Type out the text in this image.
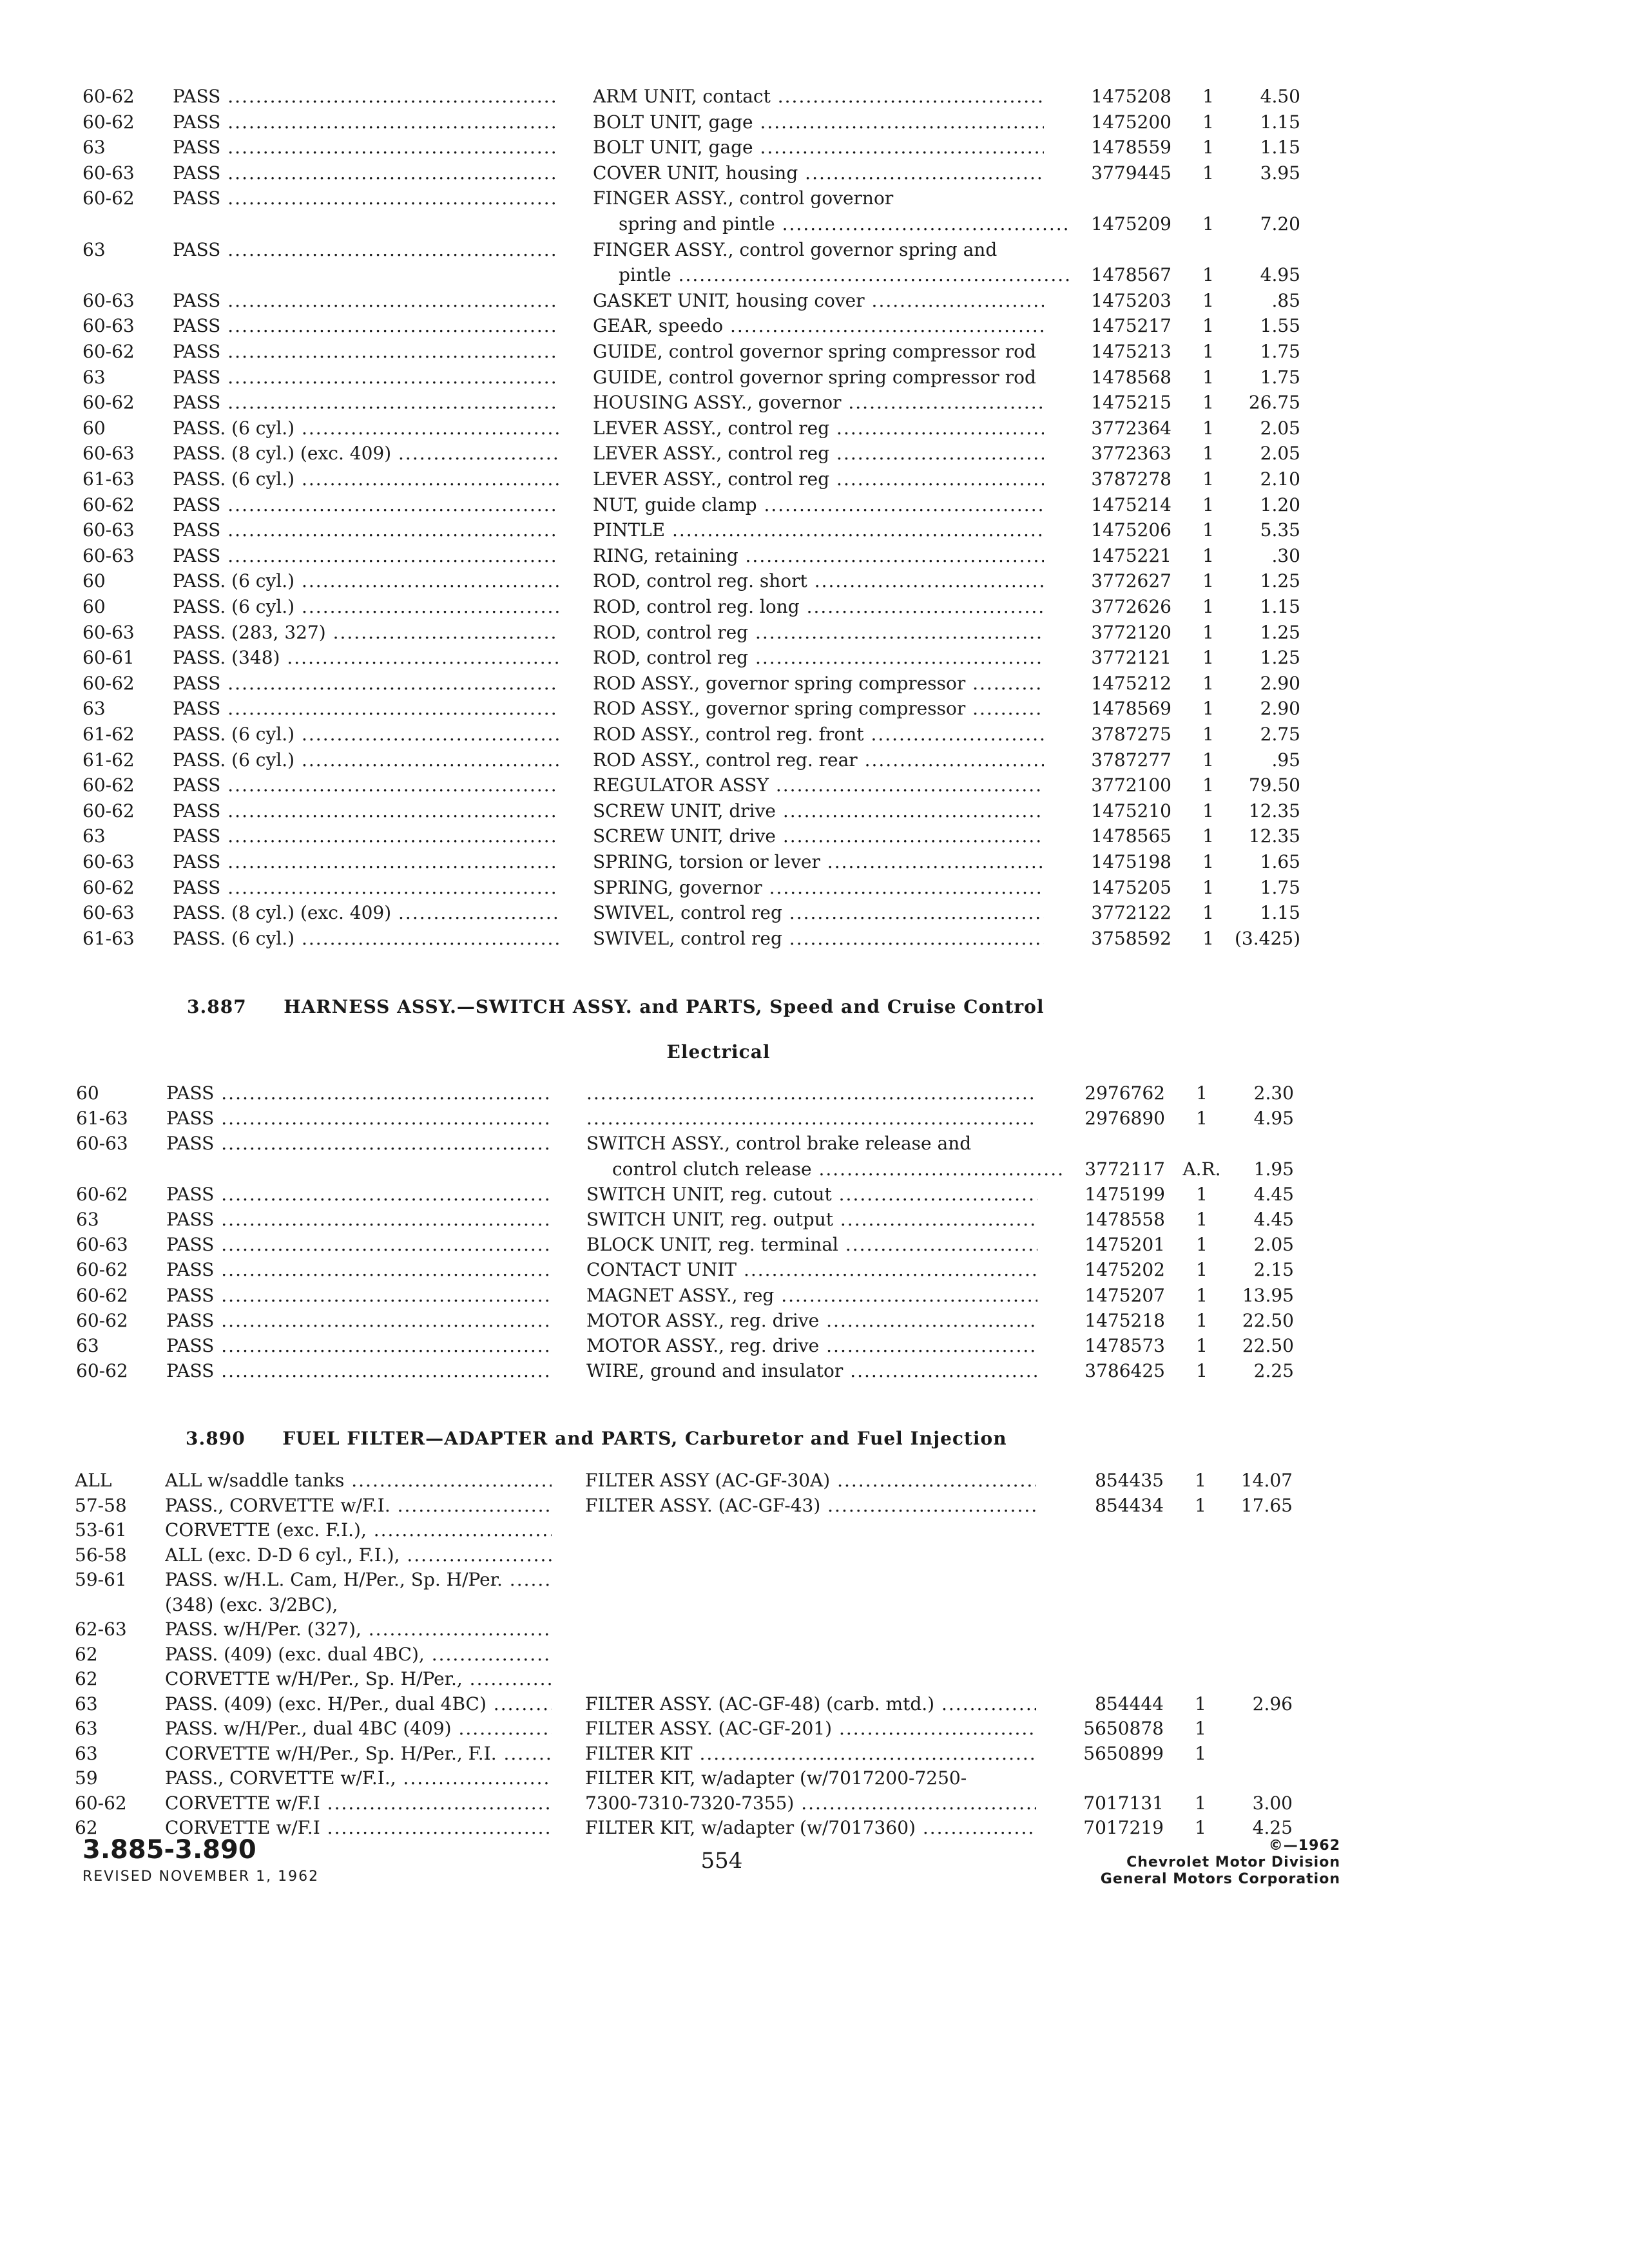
60-62	PASS .....	ARM UNIT, contact .....	1475208	1	4.50
60-62	PASS .....	BOLT UNIT, gage .....	1475200	1	1.15
63	PASS .....	BOLT UNIT, gage .....	1478559	1	1.15
60-63	PASS .....	COVER UNIT, housing .....	3779445	1	3.95
60-62	PASS .....	FINGER ASSY., control governor
spring and pintle .....	1475209	1	7.20
63	PASS .....	FINGER ASSY., control governor spring and
pintle .....	1478567	1	4.95
60-63	PASS .....	GASKET UNIT, housing cover .....	1475203	1	.85
60-63	PASS .....	GEAR, speedo .....	1475217	1	1.55
60-62	PASS .....	GUIDE, control governor spring compressor rod .....	1475213	1	1.75
63	PASS .....	GUIDE, control governor spring compressor rod .....	1478568	1	1.75
60-62	PASS .....	HOUSING ASSY., governor .....	1475215	1	26.75
60	PASS. (6 cyl.) .....	LEVER ASSY., control reg .....	3772364	1	2.05
60-63	PASS. (8 cyl.) (exc. 409) .....	LEVER ASSY., control reg .....	3772363	1	2.05
61-63	PASS. (6 cyl.) .....	LEVER ASSY., control reg .....	3787278	1	2.10
60-62	PASS .....	NUT, guide clamp .....	1475214	1	1.20
60-63	PASS .....	PINTLE .....	1475206	1	5.35
60-63	PASS .....	RING, retaining .....	1475221	1	.30
60	PASS. (6 cyl.) .....	ROD, control reg. short .....	3772627	1	1.25
60	PASS. (6 cyl.) .....	ROD, control reg. long .....	3772626	1	1.15
60-63	PASS. (283, 327) .....	ROD, control reg .....	3772120	1	1.25
60-61	PASS. (348) .....	ROD, control reg .....	3772121	1	1.25
60-62	PASS .....	ROD ASSY., governor spring compressor .....	1475212	1	2.90
63	PASS .....	ROD ASSY., governor spring compressor .....	1478569	1	2.90
61-62	PASS. (6 cyl.) .....	ROD ASSY., control reg. front .....	3787275	1	2.75
61-62	PASS. (6 cyl.) .....	ROD ASSY., control reg. rear .....	3787277	1	.95
60-62	PASS .....	REGULATOR ASSY .....	3772100	1	79.50
60-62	PASS .....	SCREW UNIT, drive .....	1475210	1	12.35
63	PASS .....	SCREW UNIT, drive .....	1478565	1	12.35
60-63	PASS .....	SPRING, torsion or lever .....	1475198	1	1.65
60-62	PASS .....	SPRING, governor .....	1475205	1	1.75
60-63	PASS. (8 cyl.) (exc. 409) .....	SWIVEL, control reg .....	3772122	1	1.15
61-63	PASS. (6 cyl.) .....	SWIVEL, control reg .....	3758592	1	(3.425)
3.887 HARNESS ASSY.—SWITCH ASSY. and PARTS, Speed and Cruise Control
Electrical
60	PASS ..... .....	2976762	1	2.30
61-63	PASS ..... .....	2976890	1	4.95
60-63	PASS .....	SWITCH ASSY., control brake release and
control clutch release .....	3772117 A.R.	1.95
60-62	PASS .....	SWITCH UNIT, reg. cutout .....	1475199	1	4.45
63	PASS .....	SWITCH UNIT, reg. output .....	1478558	1	4.45
60-63	PASS .....	BLOCK UNIT, reg. terminal .....	1475201	1	2.05
60-62	PASS .....	CONTACT UNIT .....	1475202	1	2.15
60-62	PASS .....	MAGNET ASSY., reg .....	1475207	1	13.95
60-62	PASS .....	MOTOR ASSY., reg. drive .....	1475218	1	22.50
63	PASS .....	MOTOR ASSY., reg. drive .....	1478573	1	22.50
60-62	PASS .....	WIRE, ground and insulator .....	3786425	1	2.25
3.890 FUEL FILTER—ADAPTER and PARTS, Carburetor and Fuel Injection
ALL	ALL w/saddle tanks .....	FILTER ASSY (AC-GF-30A) .....	854435	1	14.07
57-58	PASS., CORVETTE w/F.I. .....	FILTER ASSY. (AC-GF-43) .....	854434	1	17.65
53-61	CORVETTE (exc. F.I.), .....
56-58	ALL (exc. D-D 6 cyl., F.I.), .....
59-61	PASS. w/H.L. Cam, H/Per., Sp. H/Per. .....
(348) (exc. 3/2BC),
62-63	PASS. w/H/Per. (327), .....
62	PASS. (409) (exc. dual 4BC), .....
62	CORVETTE w/H/Per., Sp. H/Per., .....
63	PASS. (409) (exc. H/Per., dual 4BC) .....	FILTER ASSY. (AC-GF-48) (carb. mtd.) .....	854444	1	2.96
63	PASS. w/H/Per., dual 4BC (409) .....	FILTER ASSY. (AC-GF-201) .....	5650878	1
63	CORVETTE w/H/Per., Sp. H/Per., F.I. .....	FILTER KIT .....	5650899	1
59	PASS., CORVETTE w/F.I., .....	FILTER KIT, w/adapter (w/7017200-7250-
60-62	CORVETTE w/F.I .....	7300-7310-7320-7355) .....	7017131	1	3.00
62	CORVETTE w/F.I .....	FILTER KIT, w/adapter (w/7017360) .....	7017219	1	4.25
3.885-3.890
REVISED NOVEMBER 1, 1962
554
©—1962
Chevrolet Motor Division
General Motors Corporation
